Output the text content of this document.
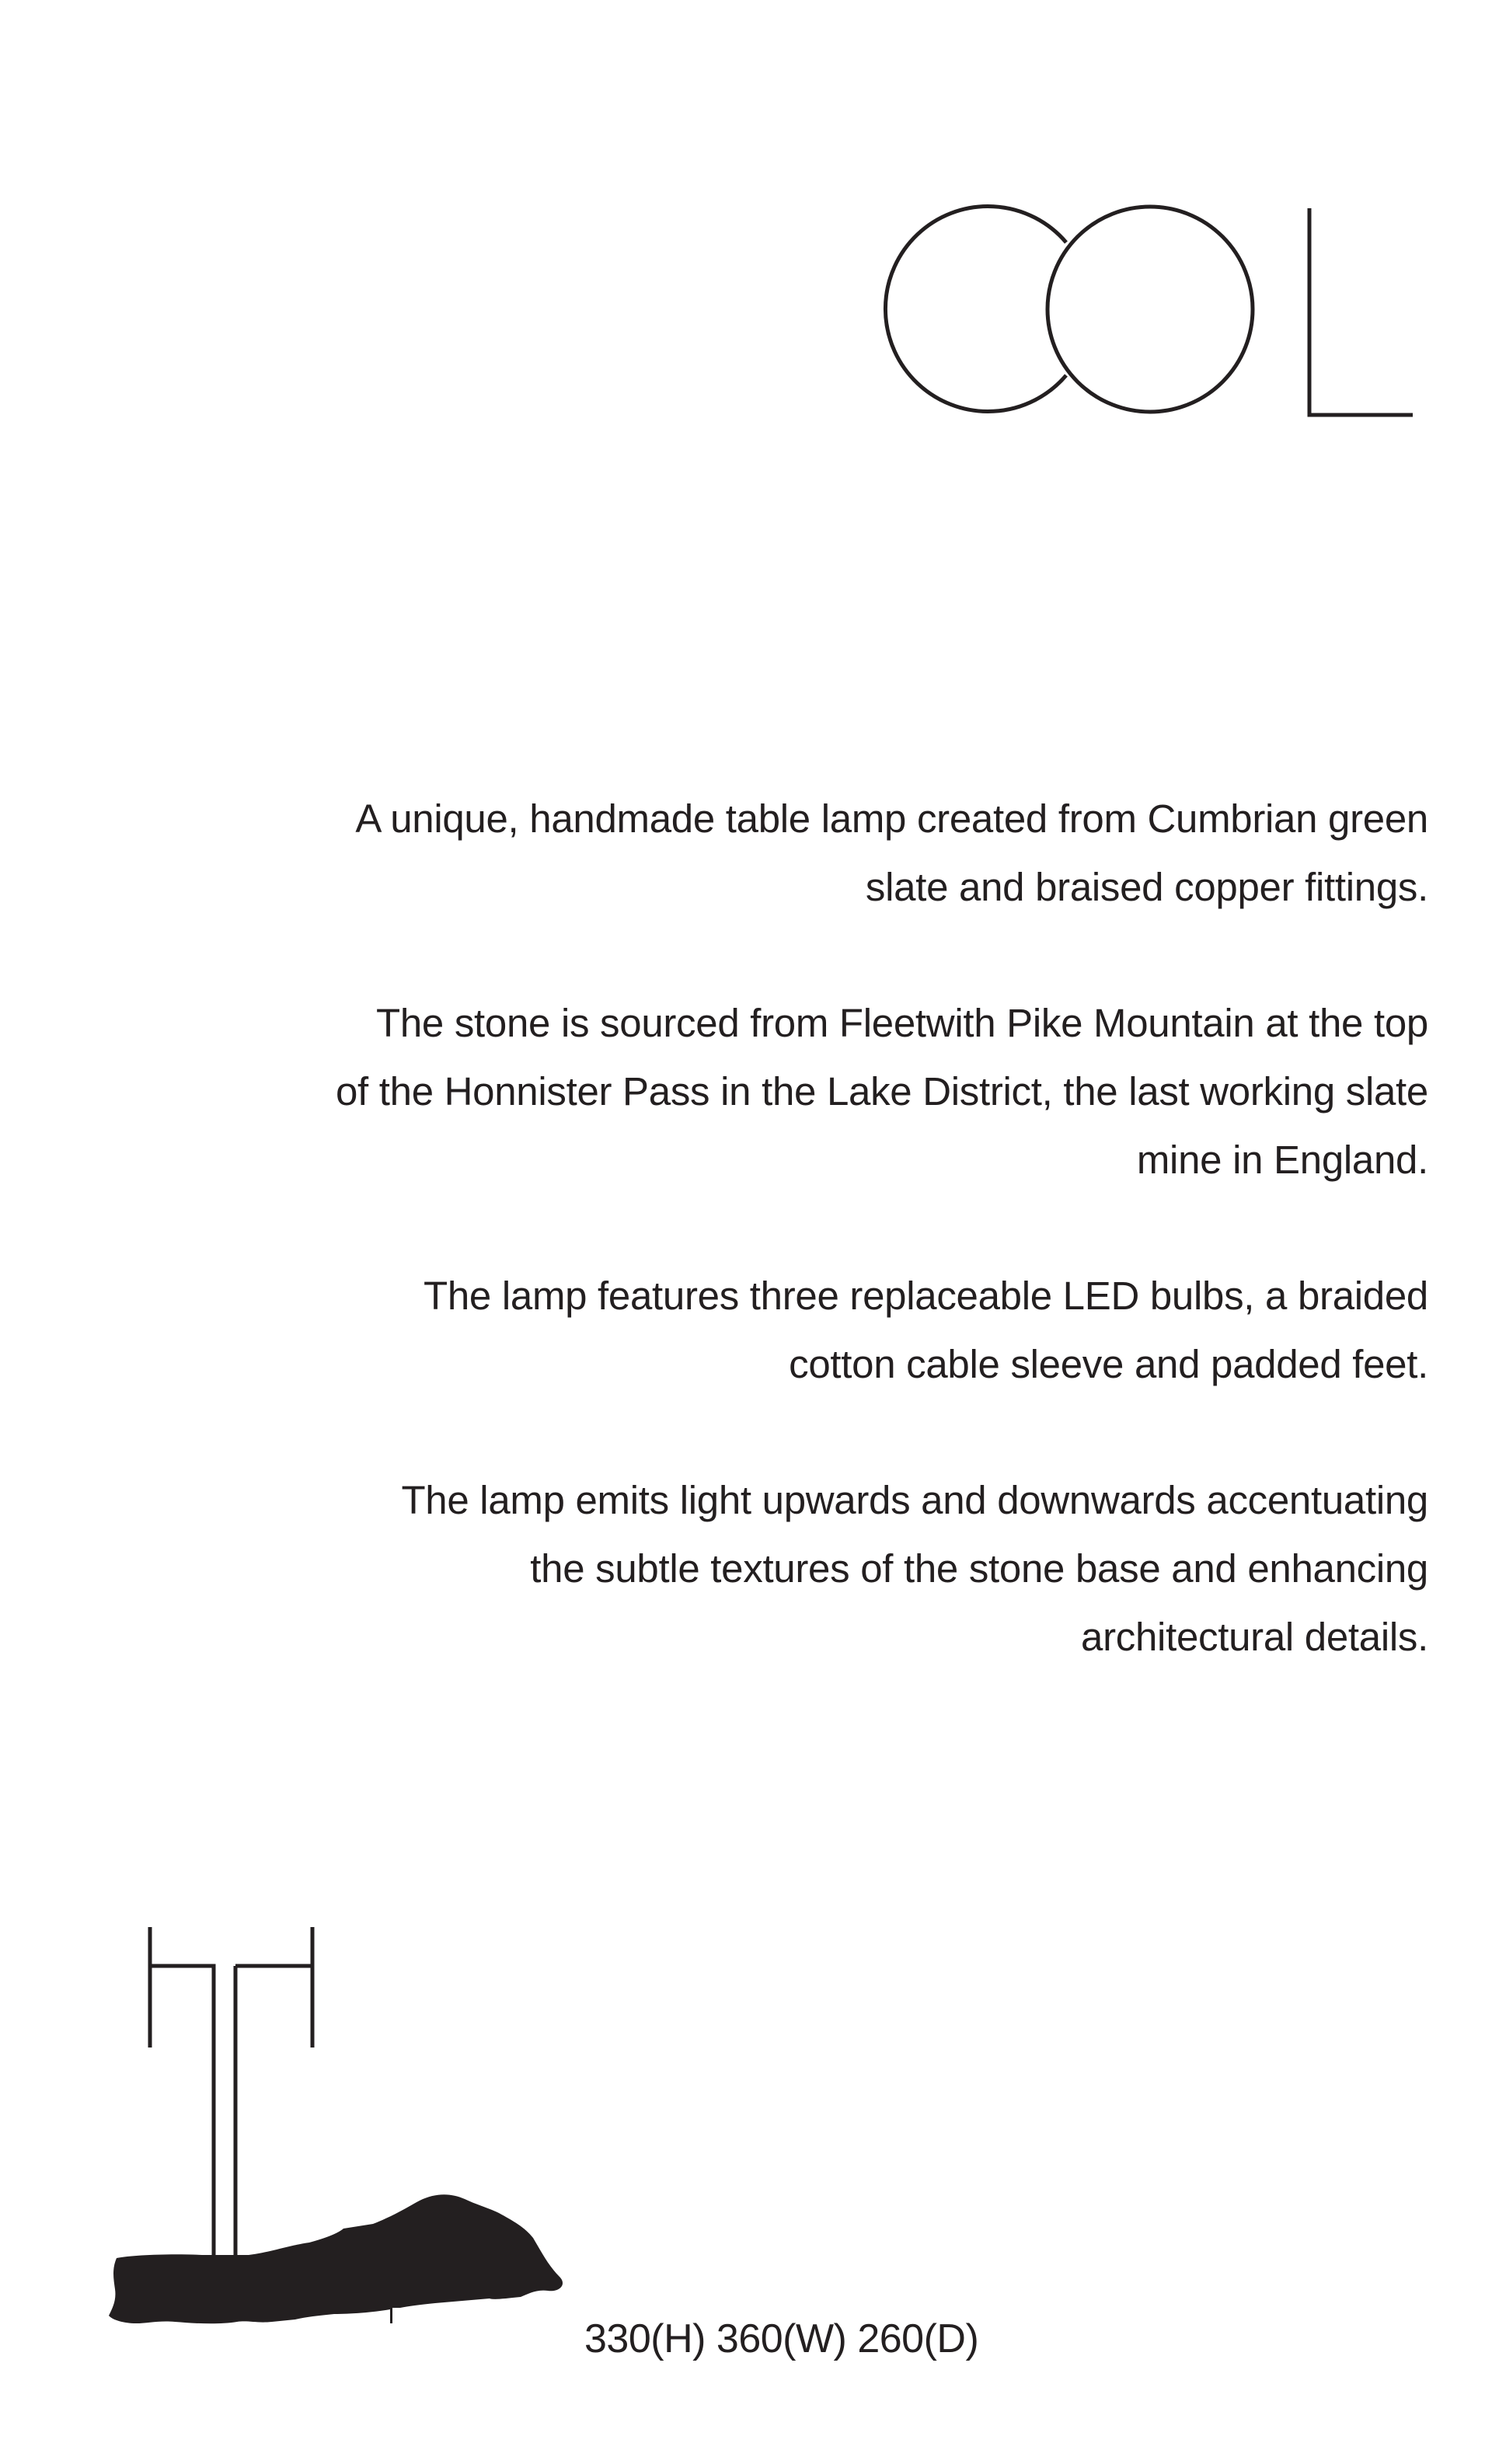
A unique, handmade table lamp created from Cumbrian green
slate and braised copper fittings.

The stone is sourced from Fleetwith Pike Mountain at the top
of the Honnister Pass in the Lake District, the last working slate
mine in England.

The lamp features three replaceable LED bulbs, a braided
cotton cable sleeve and padded feet.

The lamp emits light upwards and downwards accentuating
the subtle textures of the stone base and enhancing
architectural details.

330(H) 360(W) 260(D)
